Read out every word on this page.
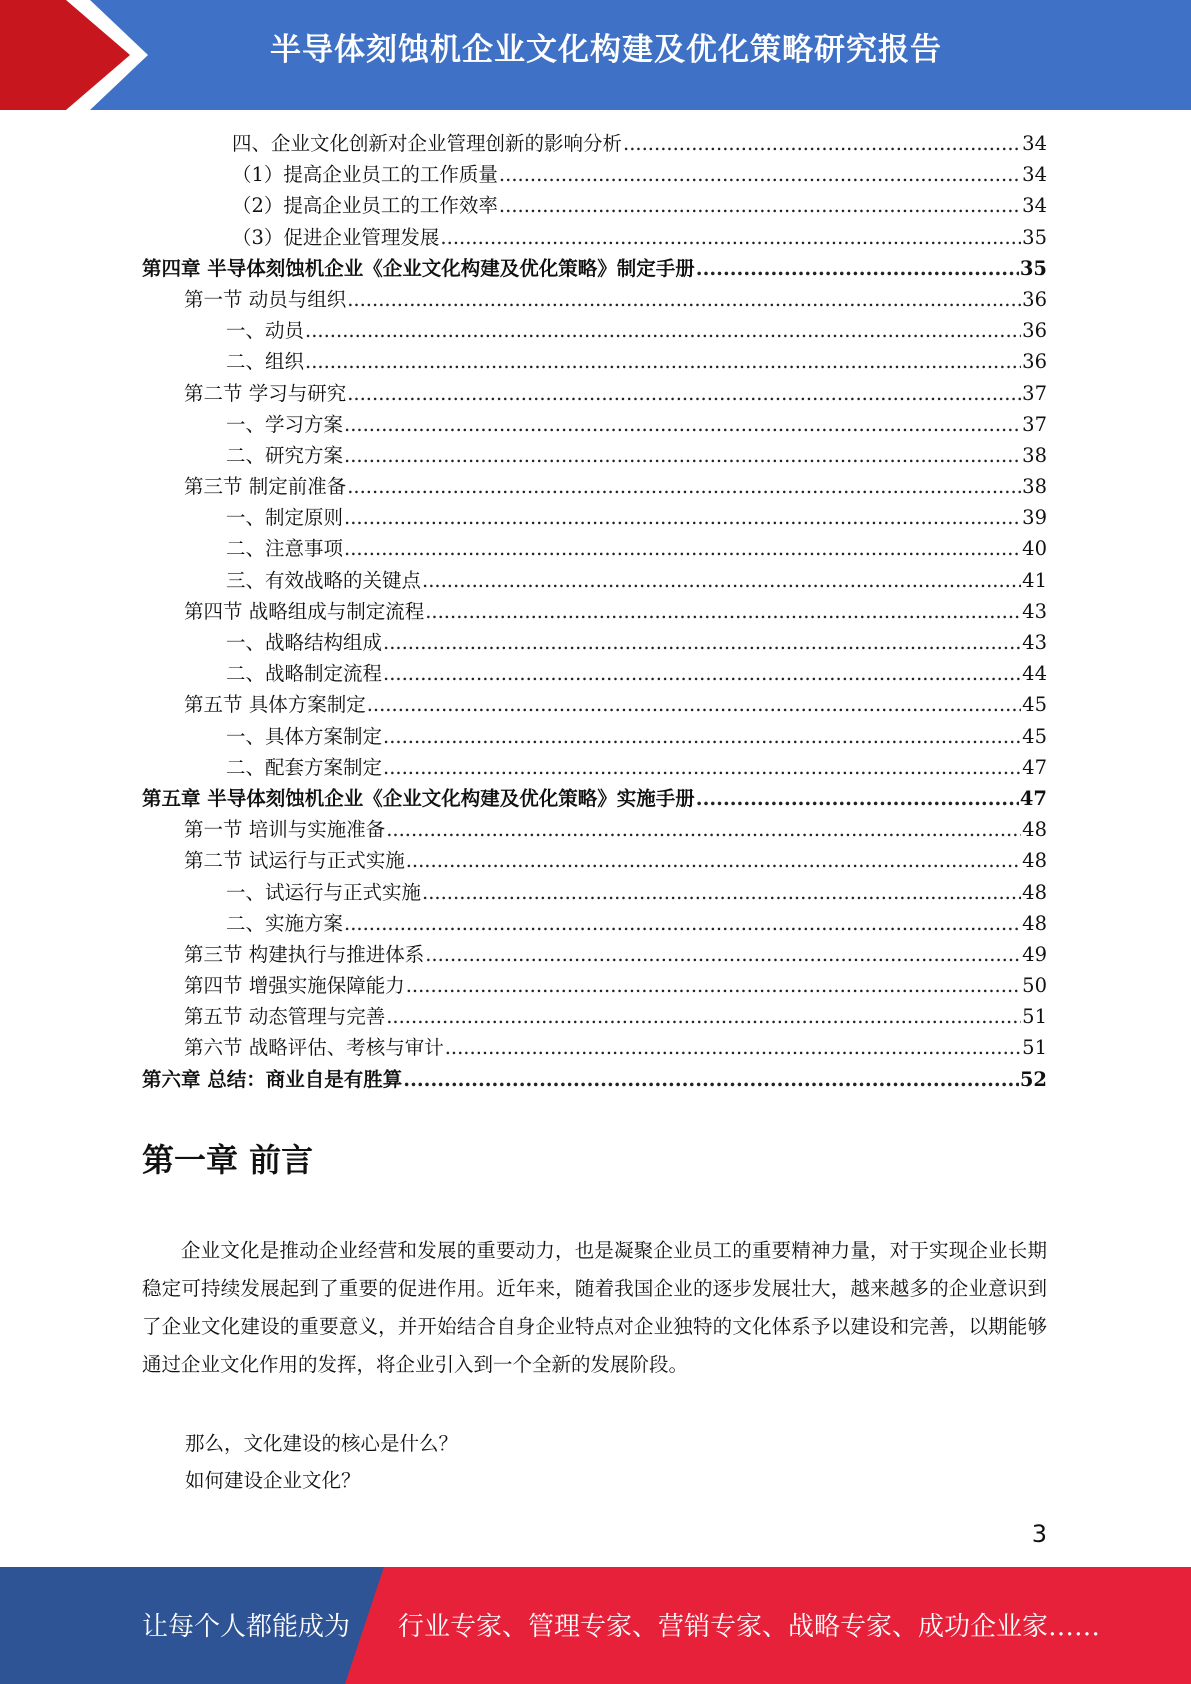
半导体刻蚀机企业文化构建及优化策略研究报告
四、企业文化创新对企业管理创新的影响分析 .....	34
（1）提高企业员工的工作质量 .....	34
（2）提高企业员工的工作效率 .....	34
（3）促进企业管理发展 .....	35
第四章 半导体刻蚀机企业《企业文化构建及优化策略》制定手册 .....	35
第一节 动员与组织 .....	36
一、动员 .....	36
二、组织 .....	36
第二节 学习与研究 .....	37
一、学习方案 .....	37
二、研究方案 .....	38
第三节 制定前准备 .....	38
一、制定原则 .....	39
二、注意事项 .....	40
三、有效战略的关键点 .....	41
第四节 战略组成与制定流程 .....	43
一、战略结构组成 .....	43
二、战略制定流程 .....	44
第五节 具体方案制定 .....	45
一、具体方案制定 .....	45
二、配套方案制定 .....	47
第五章 半导体刻蚀机企业《企业文化构建及优化策略》实施手册 .....	47
第一节 培训与实施准备 .....	48
第二节 试运行与正式实施 .....	48
一、试运行与正式实施 .....	48
二、实施方案 .....	48
第三节 构建执行与推进体系 .....	49
第四节 增强实施保障能力 .....	50
第五节 动态管理与完善 .....	51
第六节 战略评估、考核与审计 .....	51
第六章 总结：商业自是有胜算 .....	52
第一章 前言
企业文化是推动企业经营和发展的重要动力，也是凝聚企业员工的重要精神力量，对于实现企业长期稳定可持续发展起到了重要的促进作用。近年来，随着我国企业的逐步发展壮大，越来越多的企业意识到了企业文化建设的重要意义，并开始结合自身企业特点对企业独特的文化体系予以建设和完善，以期能够通过企业文化作用的发挥，将企业引入到一个全新的发展阶段。
那么，文化建设的核心是什么？
如何建设企业文化？
3
让每个人都能成为 行业专家、管理专家、营销专家、战略专家、成功企业家……
